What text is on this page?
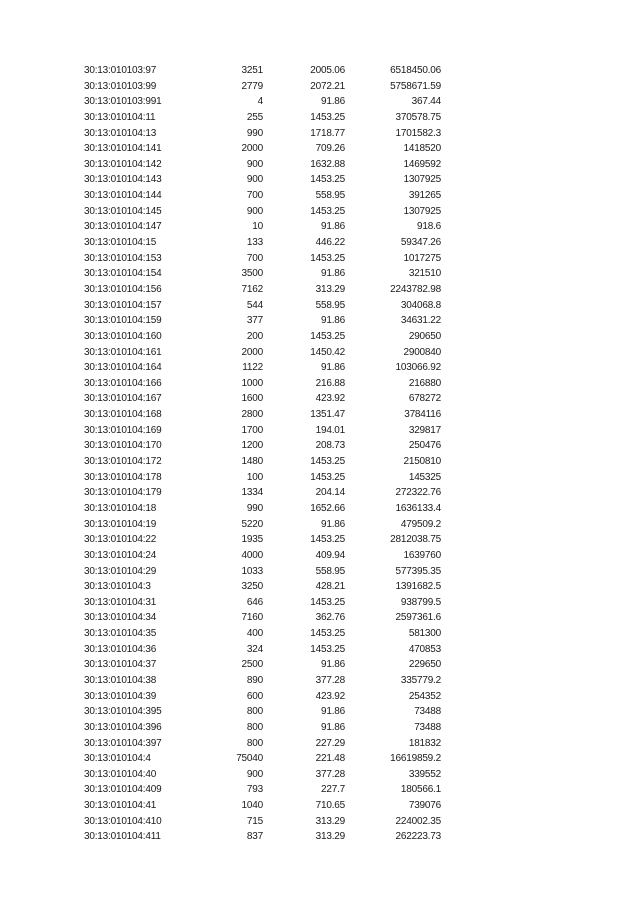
30:13:010103:97	3251	2005.06	6518450.06
30:13:010103:99	2779	2072.21	5758671.59
30:13:010103:991	4	91.86	367.44
30:13:010104:11	255	1453.25	370578.75
30:13:010104:13	990	1718.77	1701582.3
30:13:010104:141	2000	709.26	1418520
30:13:010104:142	900	1632.88	1469592
30:13:010104:143	900	1453.25	1307925
30:13:010104:144	700	558.95	391265
30:13:010104:145	900	1453.25	1307925
30:13:010104:147	10	91.86	918.6
30:13:010104:15	133	446.22	59347.26
30:13:010104:153	700	1453.25	1017275
30:13:010104:154	3500	91.86	321510
30:13:010104:156	7162	313.29	2243782.98
30:13:010104:157	544	558.95	304068.8
30:13:010104:159	377	91.86	34631.22
30:13:010104:160	200	1453.25	290650
30:13:010104:161	2000	1450.42	2900840
30:13:010104:164	1122	91.86	103066.92
30:13:010104:166	1000	216.88	216880
30:13:010104:167	1600	423.92	678272
30:13:010104:168	2800	1351.47	3784116
30:13:010104:169	1700	194.01	329817
30:13:010104:170	1200	208.73	250476
30:13:010104:172	1480	1453.25	2150810
30:13:010104:178	100	1453.25	145325
30:13:010104:179	1334	204.14	272322.76
30:13:010104:18	990	1652.66	1636133.4
30:13:010104:19	5220	91.86	479509.2
30:13:010104:22	1935	1453.25	2812038.75
30:13:010104:24	4000	409.94	1639760
30:13:010104:29	1033	558.95	577395.35
30:13:010104:3	3250	428.21	1391682.5
30:13:010104:31	646	1453.25	938799.5
30:13:010104:34	7160	362.76	2597361.6
30:13:010104:35	400	1453.25	581300
30:13:010104:36	324	1453.25	470853
30:13:010104:37	2500	91.86	229650
30:13:010104:38	890	377.28	335779.2
30:13:010104:39	600	423.92	254352
30:13:010104:395	800	91.86	73488
30:13:010104:396	800	91.86	73488
30:13:010104:397	800	227.29	181832
30:13:010104:4	75040	221.48	16619859.2
30:13:010104:40	900	377.28	339552
30:13:010104:409	793	227.7	180566.1
30:13:010104:41	1040	710.65	739076
30:13:010104:410	715	313.29	224002.35
30:13:010104:411	837	313.29	262223.73
